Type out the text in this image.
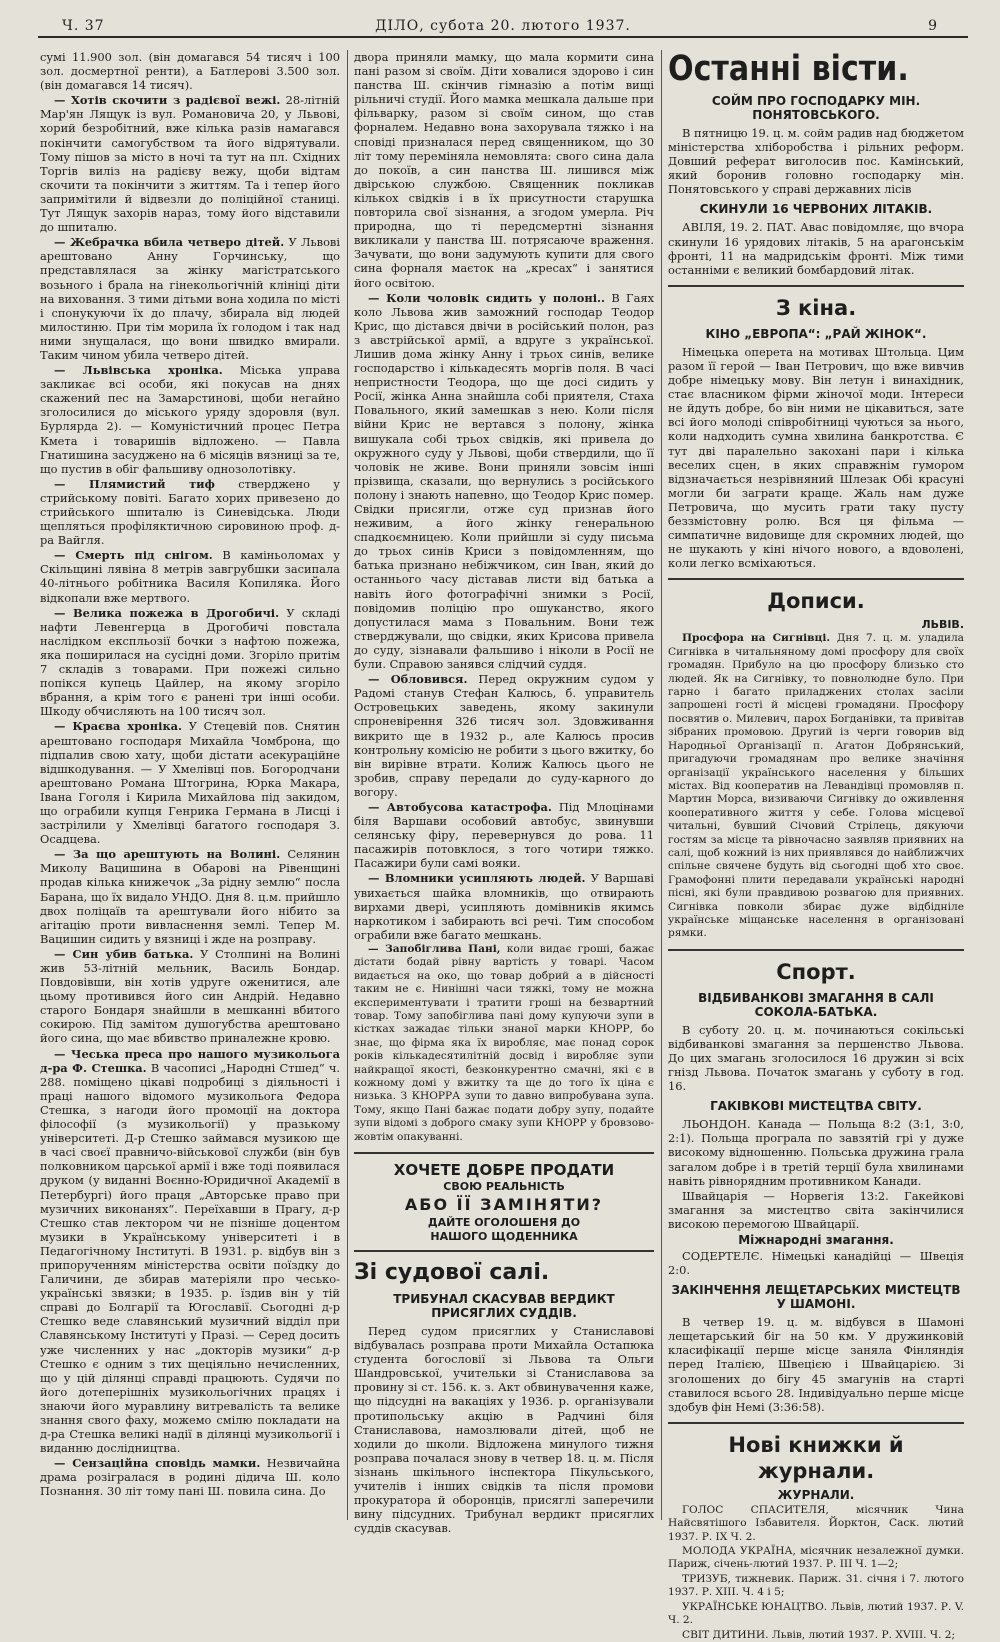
Ч. 37	ДІЛО, субота 20. лютого 1937.	9

сумі 11.900 зол. (він домагався 54 тисяч і 100 зол. досмертної ренти), а Батлерові 3.500 зол. (він домагався 14 тисяч).

— Хотів скочити з радієвої вежі. 28-літній Мар'ян Лящук із вул. Романовича 20, у Львові, хорий безробітний, вже кілька разів намагався покінчити самогубством та його відрятували. Тому пішов за місто в ночі та тут на пл. Східних Торгів виліз на радієву вежу, щоби відтам скочити та покінчити з життям. Та і тепер його запримітили й відвезли до поліційної станиці. Тут Лящук захорів нараз, тому його відставили до шпиталю.

— Жебрачка вбила четверо дітей. У Львові арештовано Анну Горчинську, що представлялася за жінку магістратського возьного і брала на гінекольогічній клініці діти на виховання. З тими дітьми вона ходила по місті і спонукуючи їх до плачу, збирала від людей милостиню. При тім морила їх голодом і так над ними знущалася, що вони швидко вмирали. Таким чином убила четверо дітей.

— Львівська хроніка. Міська управа закликає всі особи, які покусав на днях скажений пес на Замарстинові, щоби негайно зголосилися до міського уряду здоровля (вул. Бурлярда 2). — Комуністичний процес Петра Кмета і товаришів відложено. — Павла Гнатишина засуджено на 6 місяців вязниці за те, що пустив в обіг фальшиву однозолотівку.

— Плямистий тиф стверджено у стрийському повіті. Багато хорих привезено до стрийського шпиталю із Синевідська. Люди щепляться профіляктичною сировиною проф. д-ра Вайгля.

— Смерть під снігом. В каміньоломах у Скільщині лявіна 8 метрів завгрубшки засипала 40-літнього робітника Василя Копиляка. Його відкопали вже мертвого.

— Велика пожежа в Дрогобичі. У складі нафти Левенгерца в Дрогобичі повстала наслідком експльозії бочки з нафтою пожежа, яка поширилася на сусідні доми. Згоріло притім 7 складів з товарами. При пожежі сильно попікся купець Цайлер, на якому згоріло вбрання, а крім того є ранені три інші особи. Шкоду обчисляють на 100 тисяч зол.

— Краєва хроніка. У Стецевій пов. Снятин арештовано господаря Михайла Чомброна, що підпалив свою хату, щоби дістати асекураційне відшкодування. — У Хмелівці пов. Богородчани арештовано Романа Штогрина, Юрка Макара, Івана Гоголя і Кирила Михайлова під закидом, що ограбили купця Генрика Германа в Лисці і застрілили у Хмелівці багатого господаря З. Осадцева.

— За що арештують на Волині. Селянин Миколу Вацишина в Обарові на Рівенщині продав кілька книжечок „За рідну землю“ посла Барана, що їх видало УНДО. Дня 8. ц.м. прийшло двох поліцаїв та арештували його нібито за агітацію проти вивласнення землі. Тепер М. Вацишин сидить у вязниці і жде на розправу.

— Син убив батька. У Столпині на Волині жив 53-літній мельник, Василь Бондар. Повдовівши, він хотів удруге оженитися, але цьому противився його син Андрій. Недавно старого Бондаря знайшли в мешканні вбитого сокирою. Під замітом душогубства арештовано його сина, що має вбивство приналежне кровю.

— Чеська преса про нашого музикольога д-ра Ф. Стешка. В часописі „Народні Стшед“ ч. 288. поміщено цікаві подробиці з діяльності і праці нашого відомого музикольога Федора Стешка, з нагоди його промоції на доктора філософії (з музикольогії) у празькому університеті. Д-р Стешко займався музикою ще в часі своєї правничо-військової служби (він був полковником царської армії і вже тоді появилася друком (у виданні Воєнно-Юридичної Академії в Петербургі) його праця „Авторське право при музичних виконанях“. Переїхавши в Прагу, д-р Стешко став лектором чи не пізніше доцентом музики в Українському університеті і в Педагогічному Інституті. В 1931. р. відбув він з припорученням міністерства освіти поїздку до Галичини, де збирав матеріяли про чесько-українські звязки; в 1935. р. їздив він у тій справі до Болгарії та Югославії. Сьогодні д-р Стешко веде славянський музичний відділ при Славянському Інституті у Празі. — Серед досить уже численних у нас „докторів музики“ д-р Стешко є одним з тих щеціяльно нечисленних, що у цій ділянці справді працюють. Судячи по його дотеперішніх музикольогічних працях і знаючи його муравлину витревалість та велике знання свого фаху, можемо смілю покладати на д-ра Стешка великі надії в ділянці музикольогії і виданню дослідництва.

— Сензаційна сповідь мамки. Незвичайна драма розігралася в родині дідича Ш. коло Познання. 30 літ тому пані Ш. повила сина. До

двора приняли мамку, що мала кормити сина пані разом зі своїм. Діти ховалися здорово і син панства Ш. скінчив гімназію а потім вищі рільничі студії. Його мамка мешкала дальше при фільварку, разом зі своїм сином, що став форналем. Недавно вона захорувала тяжко і на сповіді призналася перед священником, що 30 літ тому переміняла немовлята: свого сина дала до покоїв, а син панства Ш. лишився між двірською службою. Священник покликав кількох свідків і в їх присутности старушка повторила свої зізнання, а згодом умерла. Річ природна, що ті передсмертні зізнання викликали у панства Ш. потрясаюче враження. Зачувати, що вони задумують купити для свого сина форналя маєток на „кресах“ і занятися його освітою.

— Коли чоловік сидить у полоні.. В Гаях коло Львова жив заможний господар Теодор Крис, що дістався двічи в російський полон, раз з австрійської армії, а вдруге з української. Лишив дома жінку Анну і трьох синів, велике господарство і кількадесять моргів поля. В часі непристности Теодора, що ще досі сидить у Росії, жінка Анна знайшла собі приятеля, Стаха Повального, який замешкав з нею. Коли після війни Крис не вертався з полону, жінка вишукала собі трьох свідків, які привела до окружного суду у Львові, щоби ствердили, що її чоловік не живе. Вони приняли зовсім інші прізвища, сказали, що вернулись з російського полону і знають напевно, що Теодор Крис помер. Свідки присягли, отже суд признав його неживим, а його жінку генеральною спадкоємницею. Коли прийшли зі суду письма до трьох синів Криси з повідомленням, що батька признано небіжчиком, син Іван, який до останнього часу діставав листи від батька а навіть його фотографічні знимки з Росії, повідомив поліцію про ошуканство, якого допустилася мама з Повальним. Вони теж стверджували, що свідки, яких Крисова привела до суду, зізнавали фальшиво і ніколи в Росії не були. Справою занявся слідчий суддя.

— Обловився. Перед окружним судом у Радомі станув Стефан Калюсь, б. управитель Островецьких заведень, якому закинули спроневірення 326 тисяч зол. Здовживання викрито ще в 1932 р., але Калюсь просив контрольну комісію не робити з цього вжитку, бо він вирівне втрати. Колиж Калюсь цього не зробив, справу передали до суду-карного до вогору.

— Автобусова катастрофа. Під Млоцінами біля Варшави особовий автобус, звинувши селянську фіру, перевернувся до рова. 11 пасажирів потовклося, з того чотири тяжко. Пасажири були самі вояки.

— Вломники усипляють людей. У Варшаві увихається шайка вломників, що отвирають вирхами двері, усипляють домівників якимсь наркотиком і забирають всі речі. Тим способом ограбили вже багато мешкань.

— Запобіглива Пані, коли видає гроші, бажає дістати бодай рівну вартість у товарі. Часом видається на око, що товар добрий а в дійсності таким не є. Нинішні часи тяжкі, тому не можна експериментувати і тратити гроші на безвартний товар. Тому запобіглива пані дому купуючи зупи в кістках зажадає тільки знаної марки КНОРР, бо знає, що фірма яка їх виробляє, має понад сорок років кількадесятилітній досвід і виробляє зупи найкращої якості, безконкурентно смачні, які є в кожному домі у вжитку та ще до того їх ціна є низька. З КНОРРА зупи то давно випробувана зупа. Тому, якщо Пані бажає подати добру зупу, подайте зупи відомі з доброго смаку зупи КНОРР у бровзово-жовтім опакуванні.

ХОЧЕТЕ ДОБРЕ ПРОДАТИ
СВОЮ РЕАЛЬНІСТЬ
АБО ЇЇ ЗАМІНЯТИ?
ДАЙТЕ ОГОЛОШЕНЯ ДО
НАШОГО ЩОДЕННИКА
Зі судової салі.
ТРИБУНАЛ СКАСУВАВ ВЕРДИКТ ПРИСЯГЛИХ СУДДІВ.

Перед судом присяглих у Станиславові відбувалась розправа проти Михайла Остапюка студента богословії зі Львова та Ольги Шандровської, учительки зі Станиславова за провину зі ст. 156. к. з. Акт обвинувачення каже, що підсудні на вакаціях у 1936. р. організували протипольську акцію в Радчині біля Станиславова, намозлювали дітей, щоб не ходили до школи. Відложена минулого тижня розправа почалася знову в четвер 18. ц. м. Після зізнань шкільного інспектора Пікульського, учителів і інших свідків та після промови прокуратора й оборонців, присяглі заперечили вину підсудних. Трибунал вердикт присяглих суддів скасував.

Останні вісти.
СОЙМ ПРО ГОСПОДАРКУ МІН. ПОНЯТОВСЬКОГО.

В пятницю 19. ц. м. сойм радив над бюджетом міністерства хліборобства і рільних реформ. Довший реферат виголосив пос. Камінський, який боронив головно господарку мін. Понятовського у справі державних лісів

СКИНУЛИ 16 ЧЕРВОНИХ ЛІТАКІВ.

АВІЛЯ, 19. 2. ПАТ. Авас повідомляє, що вчора скинули 16 урядових літаків, 5 на арагонськім фронті, 11 на мадридськім фронті. Між тими останніми є великий бомбардовий літак.

З кіна.
КІНО „ЕВРОПА“: „РАЙ ЖІНОК“.

Німецька оперета на мотивах Штольца. Цим разом її герой — Іван Петрович, що вже вивчив добре німецьку мову. Він летун і винахідник, стає власником фірми жіночої моди. Інтереси не йдуть добре, бо він ними не цікавиться, зате всі його молоді співробітниці чуються за нього, коли надходить сумна хвилина банкротства. Є тут дві паралельно закохані пари і кілька веселих сцен, в яких справжнім гумором відзначається незрівняний Шлезак Обі красуні могли би заграти краще. Жаль нам дуже Петровича, що мусить грати таку пусту беззмістовну ролю. Вся ця фільма — симпатичне видовище для скромних людей, що не шукають у кіні нічого нового, а вдоволені, коли легко всміхаються.

Дописи.
ЛЬВІВ.

Просфора на Сигнівці. Дня 7. ц. м. уладила Сигнівка в читальняному домі просфору для своїх громадян. Прибуло на цю просфору близько сто людей. Як на Сигнівку, то повнолюдне було. При гарно і багато приладжених столах засіли запрошені гості й місцеві громадяни. Просфору посвятив о. Милевич, парох Богданівки, та привітав зібраних промовою. Другий із черги говорив від Народньої Організації п. Агатон Добрянський, пригадуючи громадянам про велике значіння організації українського населення у більших містах. Від кооператив на Левандівці промовляв п. Мартин Морса, визиваючи Сигнівку до оживлення кооперативного життя у себе. Голова місцевої читальні, бувший Січовий Стрілець, дякуючи гостям за місце та рівночасно заявляв приявних на салі, щоб кожний із них приявлявся до найближчих спільне свячене будуть від сьогодні щоб хто своє. Грамофонні плити передавали українські народні пісні, які були правдивою розвагою для приявних. Сигнівка повколи збирає дуже відбідніле українське міщанське населення в організовані рямки.

Спорт.
ВІДБИВАНКОВІ ЗМАГАННЯ В САЛІ СОКОЛА-БАТЬКА.

В суботу 20. ц. м. починаються сокільські відбиванкові змагання за першенство Львова. До цих змагань зголосилося 16 дружин зі всіх гнізд Львова. Початок змагань у суботу в год. 16.

ГАКІВКОВІ МИСТЕЦТВА СВІТУ.

ЛЬОНДОН. Канада — Польща 8:2 (3:1, 3:0, 2:1). Польща програла по завзятій грі у дуже високому відношенню. Польська дружина грала загалом добре і в третій терції була хвилинами навіть рівнорядним противником Канади.

Швайцарія — Норвегія 13:2. Гакейкові змагання за мистецтво світа закінчилися високою перемогою Швайцарії.

Міжнародні змагання.

СОДЕРТЕЛЄ. Німецькі канадійці — Швеція 2:0.

ЗАКІНЧЕННЯ ЛЕЩЕТАРСЬКИХ МИСТЕЦТВ У ШАМОНІ.

В четвер 19. ц. м. відбувся в Шамоні лещетарський біг на 50 км. У дружинковій класифікації перше місце заняла Фінляндія перед Італією, Швецією і Швайцарією. Зі зголошених до бігу 45 змагунів на старті ставилося всього 28. Індивідуально перше місце здобув фін Немі (3:36:58).

Нові книжки й журнали.
ЖУРНАЛИ.

ГОЛОС СПАСИТЕЛЯ, місячник Чина Найсвятішого Ізбавителя. Йорктон, Саск. лютий 1937. Р. IX Ч. 2.

МОЛОДА УКРАЇНА, місячник незалежної думки. Париж, січень-лютий 1937. Р. III Ч. 1—2;

ТРИЗУБ, тижневик. Париж. 31. січня і 7. лютого 1937. Р. XIII. Ч. 4 і 5;

УКРАЇНСЬКЕ ЮНАЦТВО. Львів, лютий 1937. Р. V. Ч. 2.

СВІТ ДИТИНИ. Львів, лютий 1937. Р. XVIII. Ч. 2;
